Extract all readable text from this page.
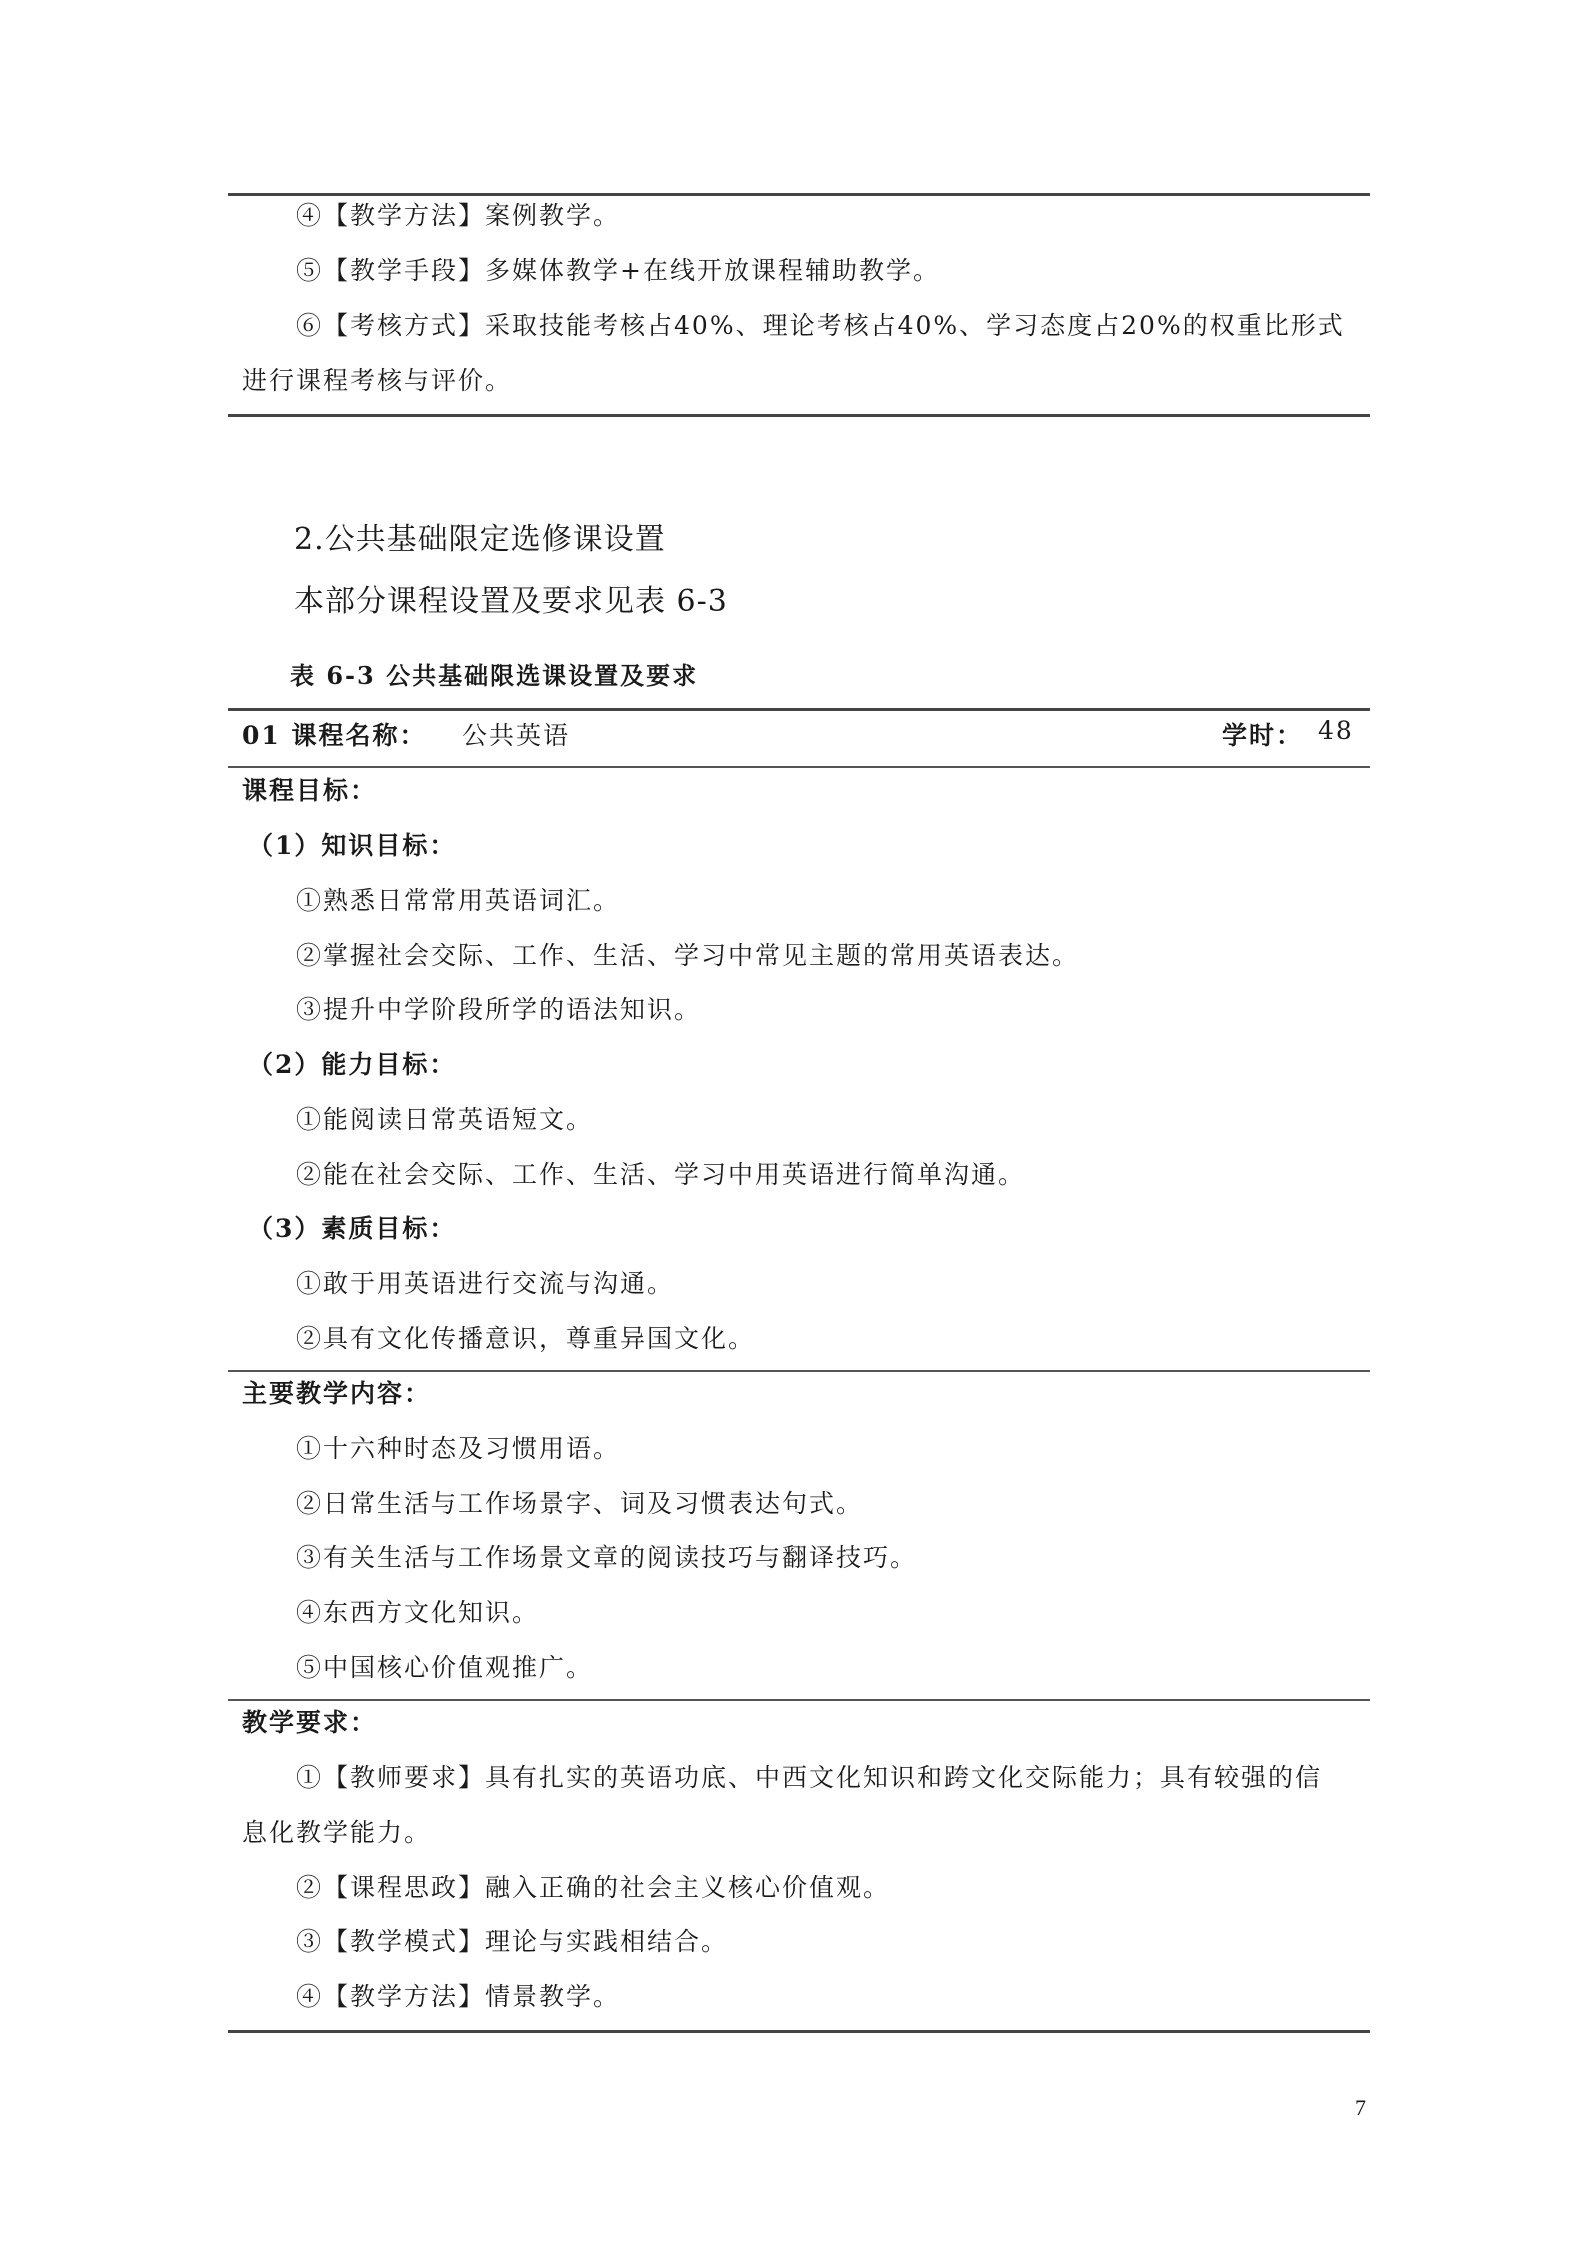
④【教学方法】案例教学。
⑤【教学手段】多媒体教学+在线开放课程辅助教学。
⑥【考核方式】采取技能考核占40%、理论考核占40%、学习态度占20%的权重比形式
进行课程考核与评价。
2.公共基础限定选修课设置
本部分课程设置及要求见表 6-3
表 6-3 公共基础限选课设置及要求
01 课程名称： 公共英语	学时： 48
课程目标：
（1）知识目标：
①熟悉日常常用英语词汇。
②掌握社会交际、工作、生活、学习中常见主题的常用英语表达。
③提升中学阶段所学的语法知识。
（2）能力目标：
①能阅读日常英语短文。
②能在社会交际、工作、生活、学习中用英语进行简单沟通。
（3）素质目标：
①敢于用英语进行交流与沟通。
②具有文化传播意识，尊重异国文化。
主要教学内容：
①十六种时态及习惯用语。
②日常生活与工作场景字、词及习惯表达句式。
③有关生活与工作场景文章的阅读技巧与翻译技巧。
④东西方文化知识。
⑤中国核心价值观推广。
教学要求：
①【教师要求】具有扎实的英语功底、中西文化知识和跨文化交际能力；具有较强的信
息化教学能力。
②【课程思政】融入正确的社会主义核心价值观。
③【教学模式】理论与实践相结合。
④【教学方法】情景教学。
7
